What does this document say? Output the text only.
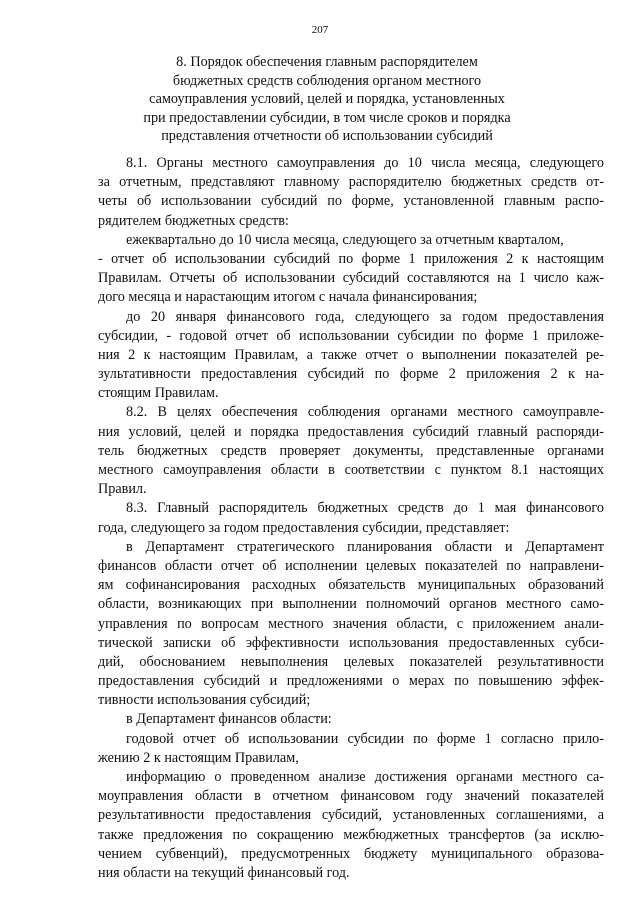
207
8. Порядок обеспечения главным распорядителем
бюджетных средств соблюдения органом местного
самоуправления условий, целей и порядка, установленных
при предоставлении субсидии, в том числе сроков и порядка
представления отчетности об использовании субсидий
8.1. Органы местного самоуправления до 10 числа месяца, следующего
за отчетным, представляют главному распорядителю бюджетных средств от-
четы об использовании субсидий по форме, установленной главным распо-
рядителем бюджетных средств:
ежеквартально до 10 числа месяца, следующего за отчетным кварталом,
- отчет об использовании субсидий по форме 1 приложения 2 к настоящим
Правилам. Отчеты об использовании субсидий составляются на 1 число каж-
дого месяца и нарастающим итогом с начала финансирования;
до 20 января финансового года, следующего за годом предоставления
субсидии, - годовой отчет об использовании субсидии по форме 1 приложе-
ния 2 к настоящим Правилам, а также отчет о выполнении показателей ре-
зультативности предоставления субсидий по форме 2 приложения 2 к на-
стоящим Правилам.
8.2. В целях обеспечения соблюдения органами местного самоуправле-
ния условий, целей и порядка предоставления субсидий главный распоряди-
тель бюджетных средств проверяет документы, представленные органами
местного самоуправления области в соответствии с пунктом 8.1 настоящих
Правил.
8.3. Главный распорядитель бюджетных средств до 1 мая финансового
года, следующего за годом предоставления субсидии, представляет:
в Департамент стратегического планирования области и Департамент
финансов области отчет об исполнении целевых показателей по направлени-
ям софинансирования расходных обязательств муниципальных образований
области, возникающих при выполнении полномочий органов местного само-
управления по вопросам местного значения области, с приложением анали-
тической записки об эффективности использования предоставленных субси-
дий, обоснованием невыполнения целевых показателей результативности
предоставления субсидий и предложениями о мерах по повышению эффек-
тивности использования субсидий;
в Департамент финансов области:
годовой отчет об использовании субсидии по форме 1 согласно прило-
жению 2 к настоящим Правилам,
информацию о проведенном анализе достижения органами местного са-
моуправления области в отчетном финансовом году значений показателей
результативности предоставления субсидий, установленных соглашениями, а
также предложения по сокращению межбюджетных трансфертов (за исклю-
чением субвенций), предусмотренных бюджету муниципального образова-
ния области на текущий финансовый год.
